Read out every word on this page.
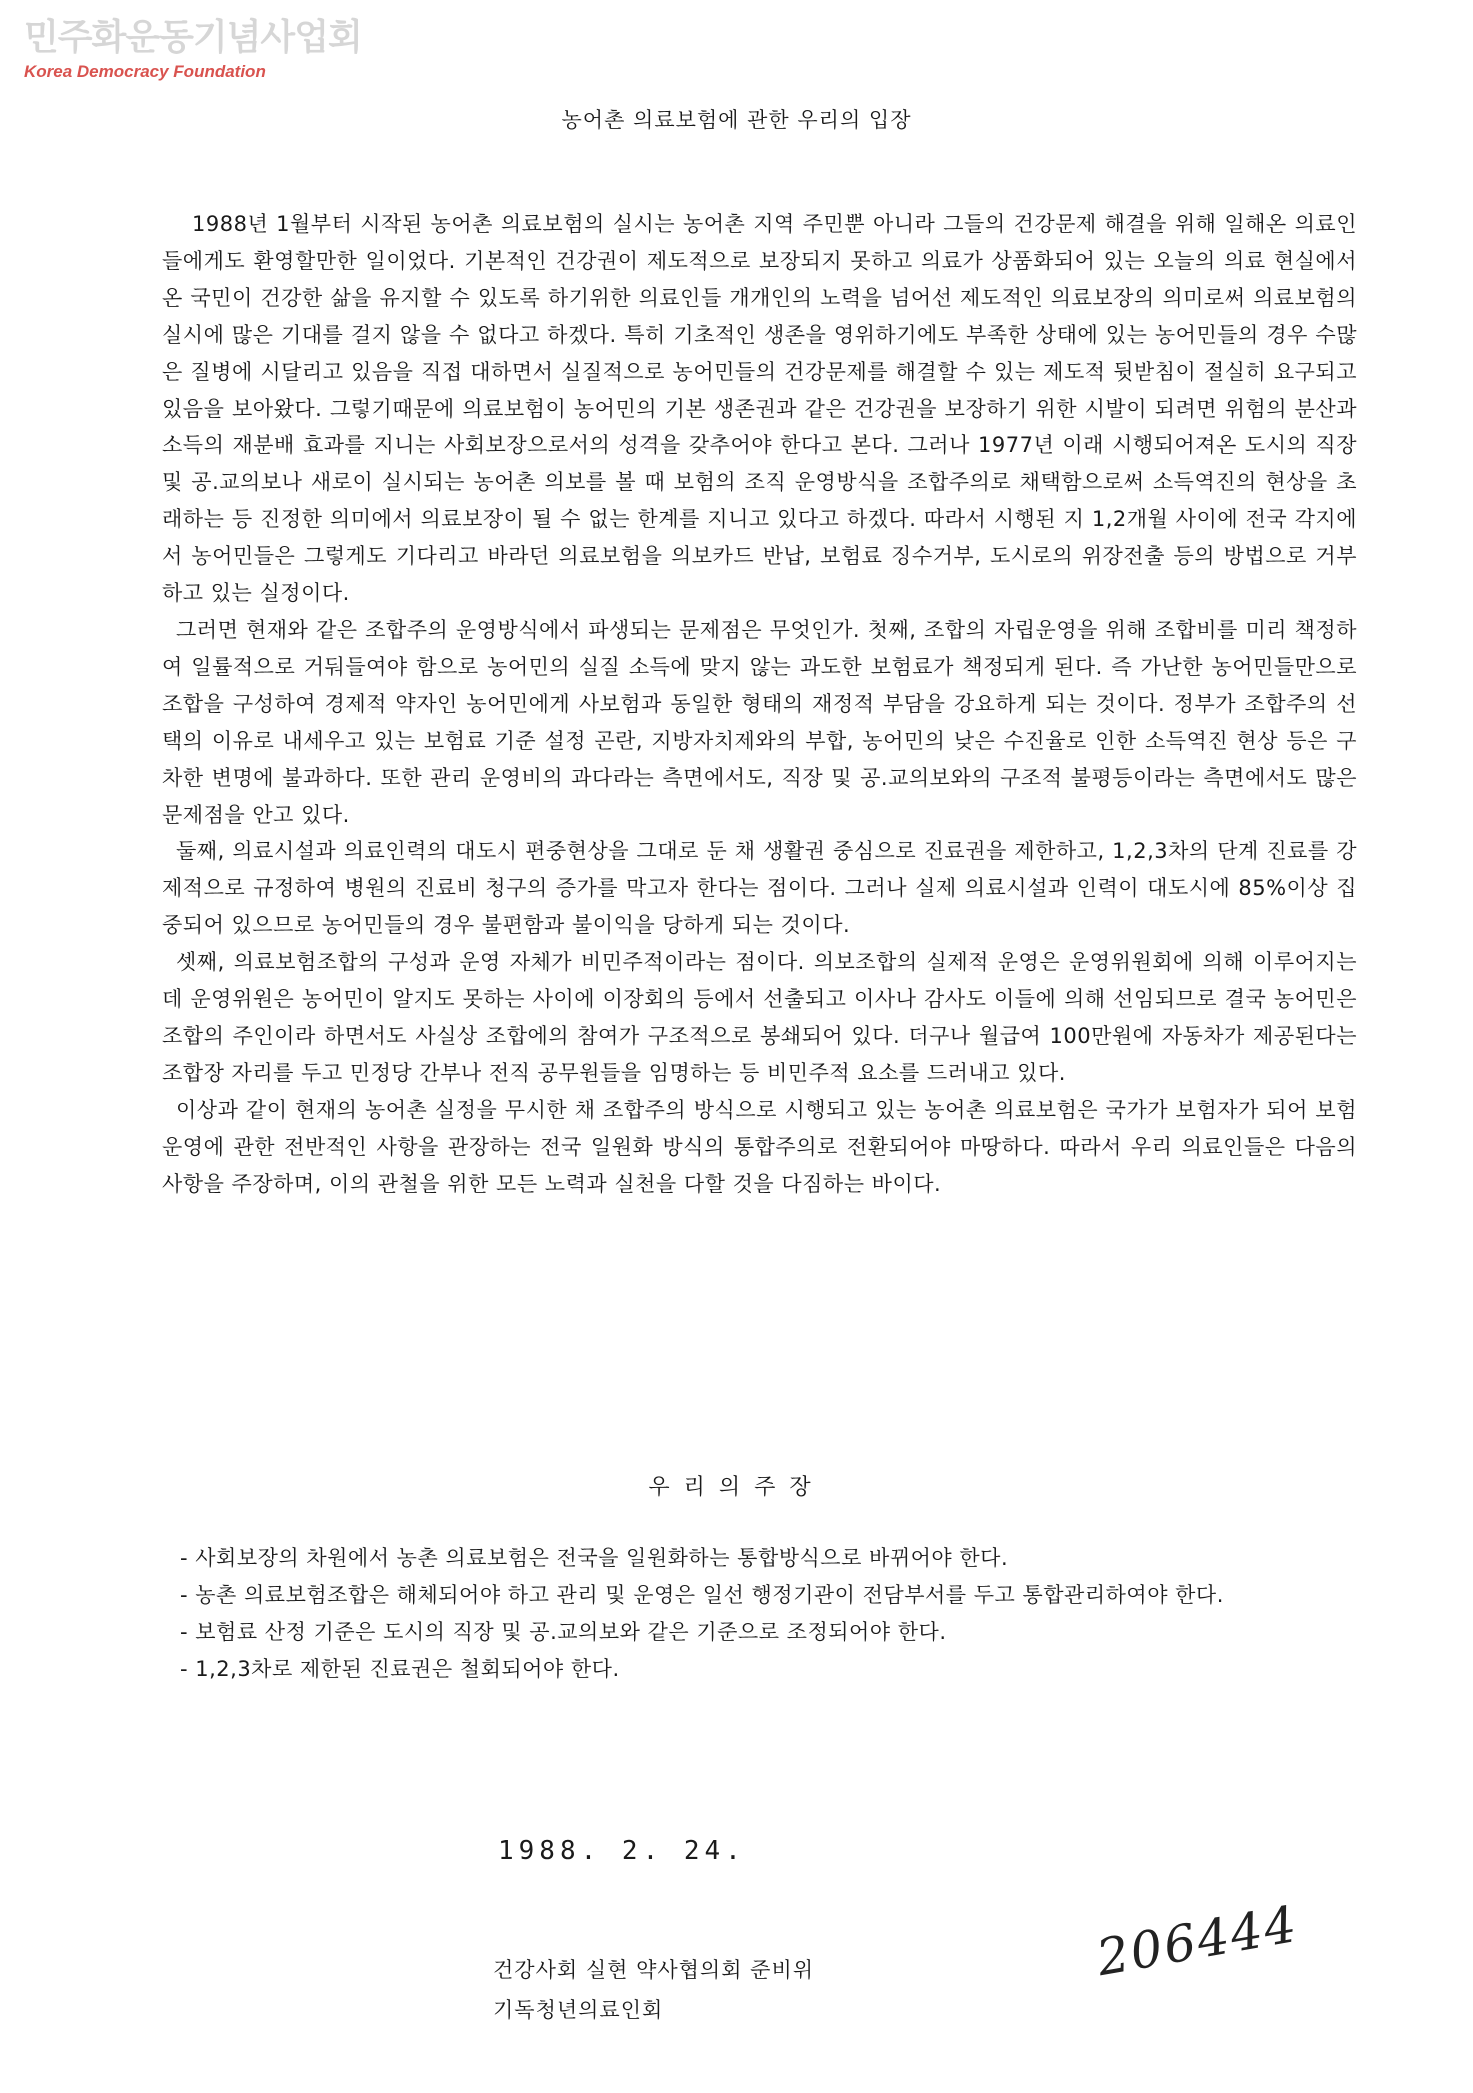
민주화운동기념사업회
Korea Democracy Foundation
농어촌 의료보험에 관한 우리의 입장

1988년 1월부터 시작된 농어촌 의료보험의 실시는 농어촌 지역 주민뿐 아니라 그들의 건강문제 해결을 위해 일해온 의료인들에게도 환영할만한 일이었다. 기본적인 건강권이 제도적으로 보장되지 못하고 의료가 상품화되어 있는 오늘의 의료 현실에서 온 국민이 건강한 삶을 유지할 수 있도록 하기위한 의료인들 개개인의 노력을 넘어선 제도적인 의료보장의 의미로써 의료보험의 실시에 많은 기대를 걸지 않을 수 없다고 하겠다. 특히 기초적인 생존을 영위하기에도 부족한 상태에 있는 농어민들의 경우 수많은 질병에 시달리고 있음을 직접 대하면서 실질적으로 농어민들의 건강문제를 해결할 수 있는 제도적 뒷받침이 절실히 요구되고 있음을 보아왔다. 그렇기때문에 의료보험이 농어민의 기본 생존권과 같은 건강권을 보장하기 위한 시발이 되려면 위험의 분산과 소득의 재분배 효과를 지니는 사회보장으로서의 성격을 갖추어야 한다고 본다. 그러나 1977년 이래 시행되어져온 도시의 직장 및 공.교의보나 새로이 실시되는 농어촌 의보를 볼 때 보험의 조직 운영방식을 조합주의로 채택함으로써 소득역진의 현상을 초래하는 등 진정한 의미에서 의료보장이 될 수 없는 한계를 지니고 있다고 하겠다. 따라서 시행된 지 1,2개월 사이에 전국 각지에서 농어민들은 그렇게도 기다리고 바라던 의료보험을 의보카드 반납, 보험료 징수거부, 도시로의 위장전출 등의 방법으로 거부하고 있는 실정이다.

그러면 현재와 같은 조합주의 운영방식에서 파생되는 문제점은 무엇인가. 첫째, 조합의 자립운영을 위해 조합비를 미리 책정하여 일률적으로 거둬들여야 함으로 농어민의 실질 소득에 맞지 않는 과도한 보험료가 책정되게 된다. 즉 가난한 농어민들만으로 조합을 구성하여 경제적 약자인 농어민에게 사보험과 동일한 형태의 재정적 부담을 강요하게 되는 것이다. 정부가 조합주의 선택의 이유로 내세우고 있는 보험료 기준 설정 곤란, 지방자치제와의 부합, 농어민의 낮은 수진율로 인한 소득역진 현상 등은 구차한 변명에 불과하다. 또한 관리 운영비의 과다라는 측면에서도, 직장 및 공.교의보와의 구조적 불평등이라는 측면에서도 많은 문제점을 안고 있다.

둘째, 의료시설과 의료인력의 대도시 편중현상을 그대로 둔 채 생활권 중심으로 진료권을 제한하고, 1,2,3차의 단계 진료를 강제적으로 규정하여 병원의 진료비 청구의 증가를 막고자 한다는 점이다. 그러나 실제 의료시설과 인력이 대도시에 85%이상 집중되어 있으므로 농어민들의 경우 불편함과 불이익을 당하게 되는 것이다.

셋째, 의료보험조합의 구성과 운영 자체가 비민주적이라는 점이다. 의보조합의 실제적 운영은 운영위원회에 의해 이루어지는데 운영위원은 농어민이 알지도 못하는 사이에 이장회의 등에서 선출되고 이사나 감사도 이들에 의해 선임되므로 결국 농어민은 조합의 주인이라 하면서도 사실상 조합에의 참여가 구조적으로 봉쇄되어 있다. 더구나 월급여 100만원에 자동차가 제공된다는 조합장 자리를 두고 민정당 간부나 전직 공무원들을 임명하는 등 비민주적 요소를 드러내고 있다.

이상과 같이 현재의 농어촌 실정을 무시한 채 조합주의 방식으로 시행되고 있는 농어촌 의료보험은 국가가 보험자가 되어 보험운영에 관한 전반적인 사항을 관장하는 전국 일원화 방식의 통합주의로 전환되어야 마땅하다. 따라서 우리 의료인들은 다음의 사항을 주장하며, 이의 관철을 위한 모든 노력과 실천을 다할 것을 다짐하는 바이다.

우리의주장
- 사회보장의 차원에서 농촌 의료보험은 전국을 일원화하는 통합방식으로 바뀌어야 한다.
- 농촌 의료보험조합은 해체되어야 하고 관리 및 운영은 일선 행정기관이 전담부서를 두고 통합관리하여야 한다.
- 보험료 산정 기준은 도시의 직장 및 공.교의보와 같은 기준으로 조정되어야 한다.
- 1,2,3차로 제한된 진료권은 철회되어야 한다.
1988. 2. 24.
건강사회 실현 약사협의회 준비위
기독청년의료인회
206444
